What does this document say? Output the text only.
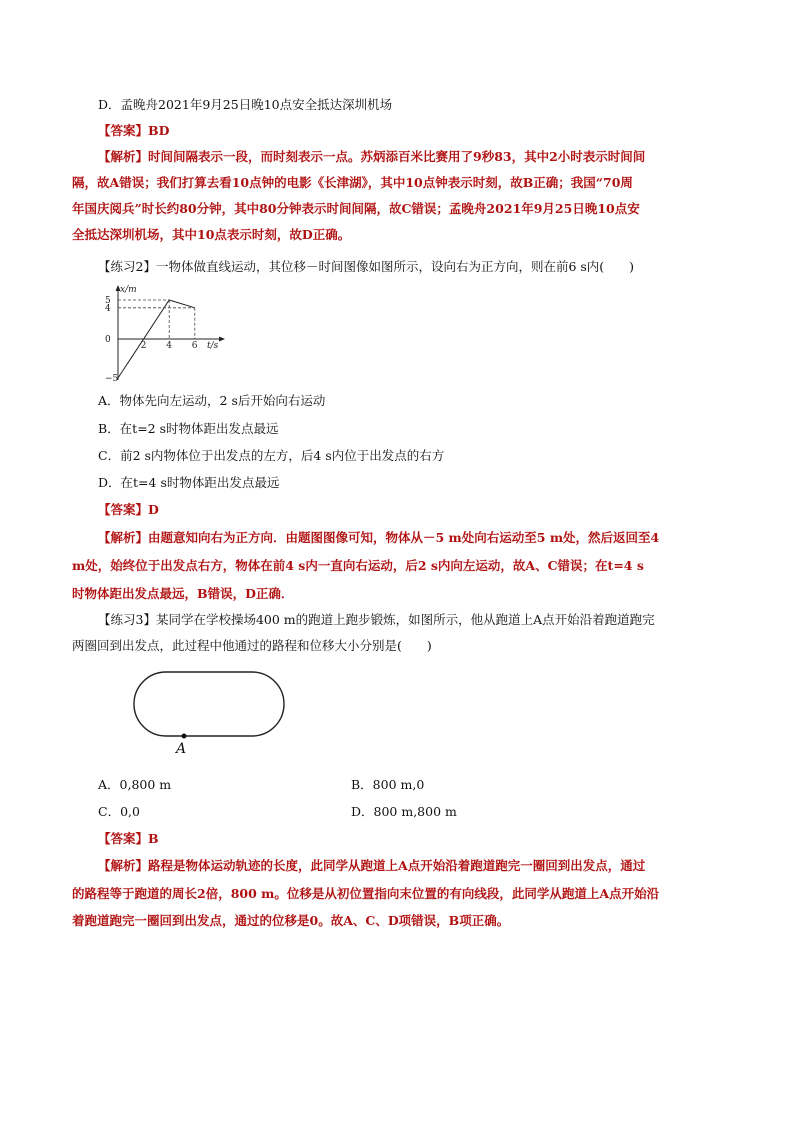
D．孟晚舟2021年9月25日晚10点安全抵达深圳机场
【答案】BD
【解析】时间间隔表示一段，而时刻表示一点。苏炳添百米比赛用了9秒83，其中2小时表示时间间
隔，故A错误；我们打算去看10点钟的电影《长津湖》，其中10点钟表示时刻，故B正确；我国“70周
年国庆阅兵”时长约80分钟，其中80分钟表示时间间隔，故C错误；孟晚舟2021年9月25日晚10点安
全抵达深圳机场，其中10点表示时刻，故D正确。
【练习2】一物体做直线运动，其位移－时间图像如图所示，设向右为正方向，则在前6 s内(　　)
x/m
t/s
2 4 6
5
4
0
−5
A．物体先向左运动，2 s后开始向右运动
B．在t=2 s时物体距出发点最远
C．前2 s内物体位于出发点的左方，后4 s内位于出发点的右方
D．在t=4 s时物体距出发点最远
【答案】D
【解析】由题意知向右为正方向．由题图图像可知，物体从－5 m处向右运动至5 m处，然后返回至4
m处，始终位于出发点右方，物体在前4 s内一直向右运动，后2 s内向左运动，故A、C错误；在t=4 s
时物体距出发点最远，B错误，D正确．
【练习3】某同学在学校操场400 m的跑道上跑步锻炼，如图所示，他从跑道上A点开始沿着跑道跑完
两圈回到出发点，此过程中他通过的路程和位移大小分别是(　　)
A
A．0,800 m	B．800 m,0
C．0,0	D．800 m,800 m
【答案】B
【解析】路程是物体运动轨迹的长度，此同学从跑道上A点开始沿着跑道跑完一圈回到出发点，通过
的路程等于跑道的周长2倍，800 m。位移是从初位置指向末位置的有向线段，此同学从跑道上A点开始沿
着跑道跑完一圈回到出发点，通过的位移是0。故A、C、D项错误，B项正确。
